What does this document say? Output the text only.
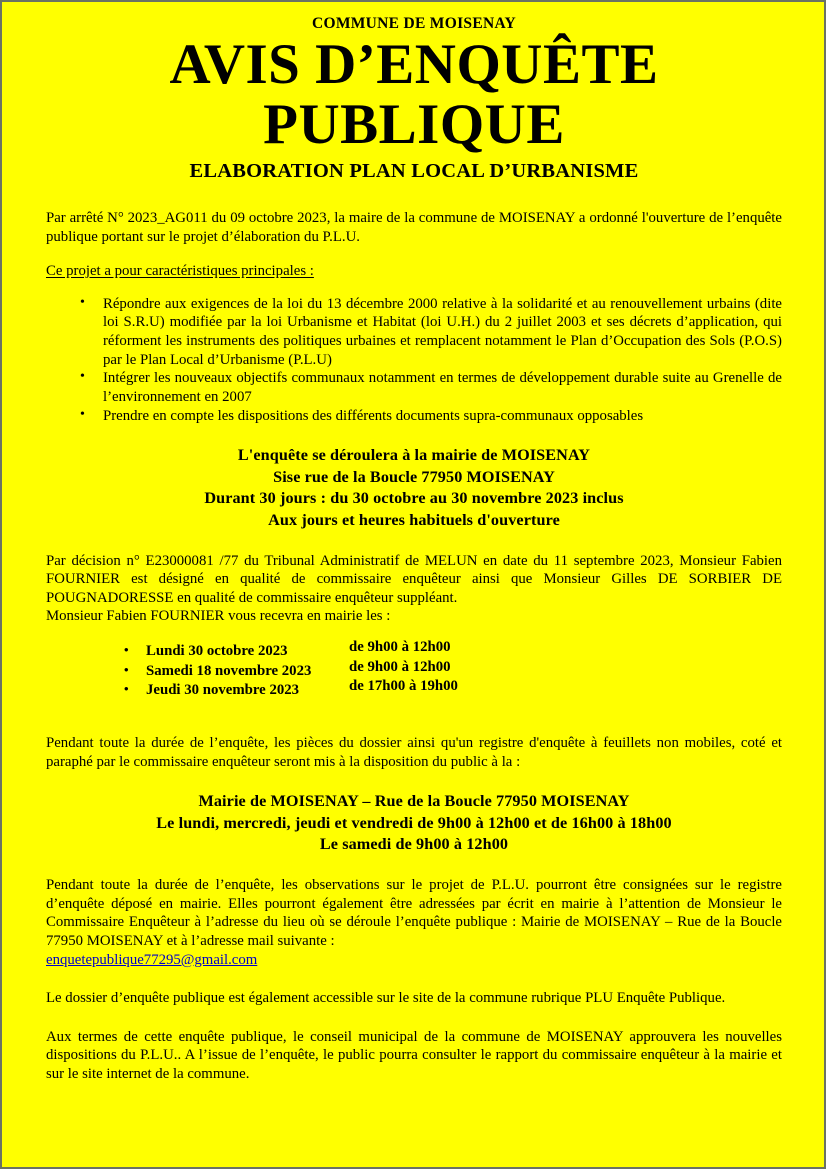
COMMUNE DE MOISENAY
AVIS D’ENQUÊTE
PUBLIQUE
ELABORATION PLAN LOCAL D’URBANISME

Par arrêté N° 2023_AG011 du 09 octobre 2023, la maire de la commune de MOISENAY a ordonné l'ouverture de l’enquête publique portant sur le projet d’élaboration du P.L.U.

Ce projet a pour caractéristiques principales :

• Répondre aux exigences de la loi du 13 décembre 2000 relative à la solidarité et au renouvellement urbains (dite loi S.R.U) modifiée par la loi Urbanisme et Habitat (loi U.H.) du 2 juillet 2003 et ses décrets d’application, qui réforment les instruments des politiques urbaines et remplacent notamment le Plan d’Occupation des Sols (P.O.S) par le Plan Local d’Urbanisme (P.L.U)
• Intégrer les nouveaux objectifs communaux notamment en termes de développement durable suite au Grenelle de l’environnement en 2007
• Prendre en compte les dispositions des différents documents supra-communaux opposables
L'enquête se déroulera à la mairie de MOISENAY
Sise rue de la Boucle 77950 MOISENAY
Durant 30 jours : du 30 octobre au 30 novembre 2023 inclus
Aux jours et heures habituels d'ouverture

Par décision n° E23000081 /77 du Tribunal Administratif de MELUN en date du 11 septembre 2023, Monsieur Fabien FOURNIER est désigné en qualité de commissaire enquêteur ainsi que Monsieur Gilles DE SORBIER DE POUGNADORESSE en qualité de commissaire enquêteur suppléant.

Monsieur Fabien FOURNIER vous recevra en mairie les :

• Lundi 30 octobre 2023
• Samedi 18 novembre 2023
• Jeudi 30 novembre 2023
de 9h00 à 12h00
de 9h00 à 12h00
de 17h00 à 19h00

Pendant toute la durée de l’enquête, les pièces du dossier ainsi qu'un registre d'enquête à feuillets non mobiles, coté et paraphé par le commissaire enquêteur seront mis à la disposition du public à la :

Mairie de MOISENAY – Rue de la Boucle 77950 MOISENAY
Le lundi, mercredi, jeudi et vendredi de 9h00 à 12h00 et de 16h00 à 18h00
Le samedi de 9h00 à 12h00

Pendant toute la durée de l’enquête, les observations sur le projet de P.L.U. pourront être consignées sur le registre d’enquête déposé en mairie. Elles pourront également être adressées par écrit en mairie à l’attention de Monsieur le Commissaire Enquêteur à l’adresse du lieu où se déroule l’enquête publique : Mairie de MOISENAY – Rue de la Boucle 77950 MOISENAY et à l’adresse mail suivante :
enquetepublique77295@gmail.com

Le dossier d’enquête publique est également accessible sur le site de la commune rubrique PLU Enquête Publique.

Aux termes de cette enquête publique, le conseil municipal de la commune de MOISENAY approuvera les nouvelles dispositions du P.L.U.. A l’issue de l’enquête, le public pourra consulter le rapport du commissaire enquêteur à la mairie et sur le site internet de la commune.
